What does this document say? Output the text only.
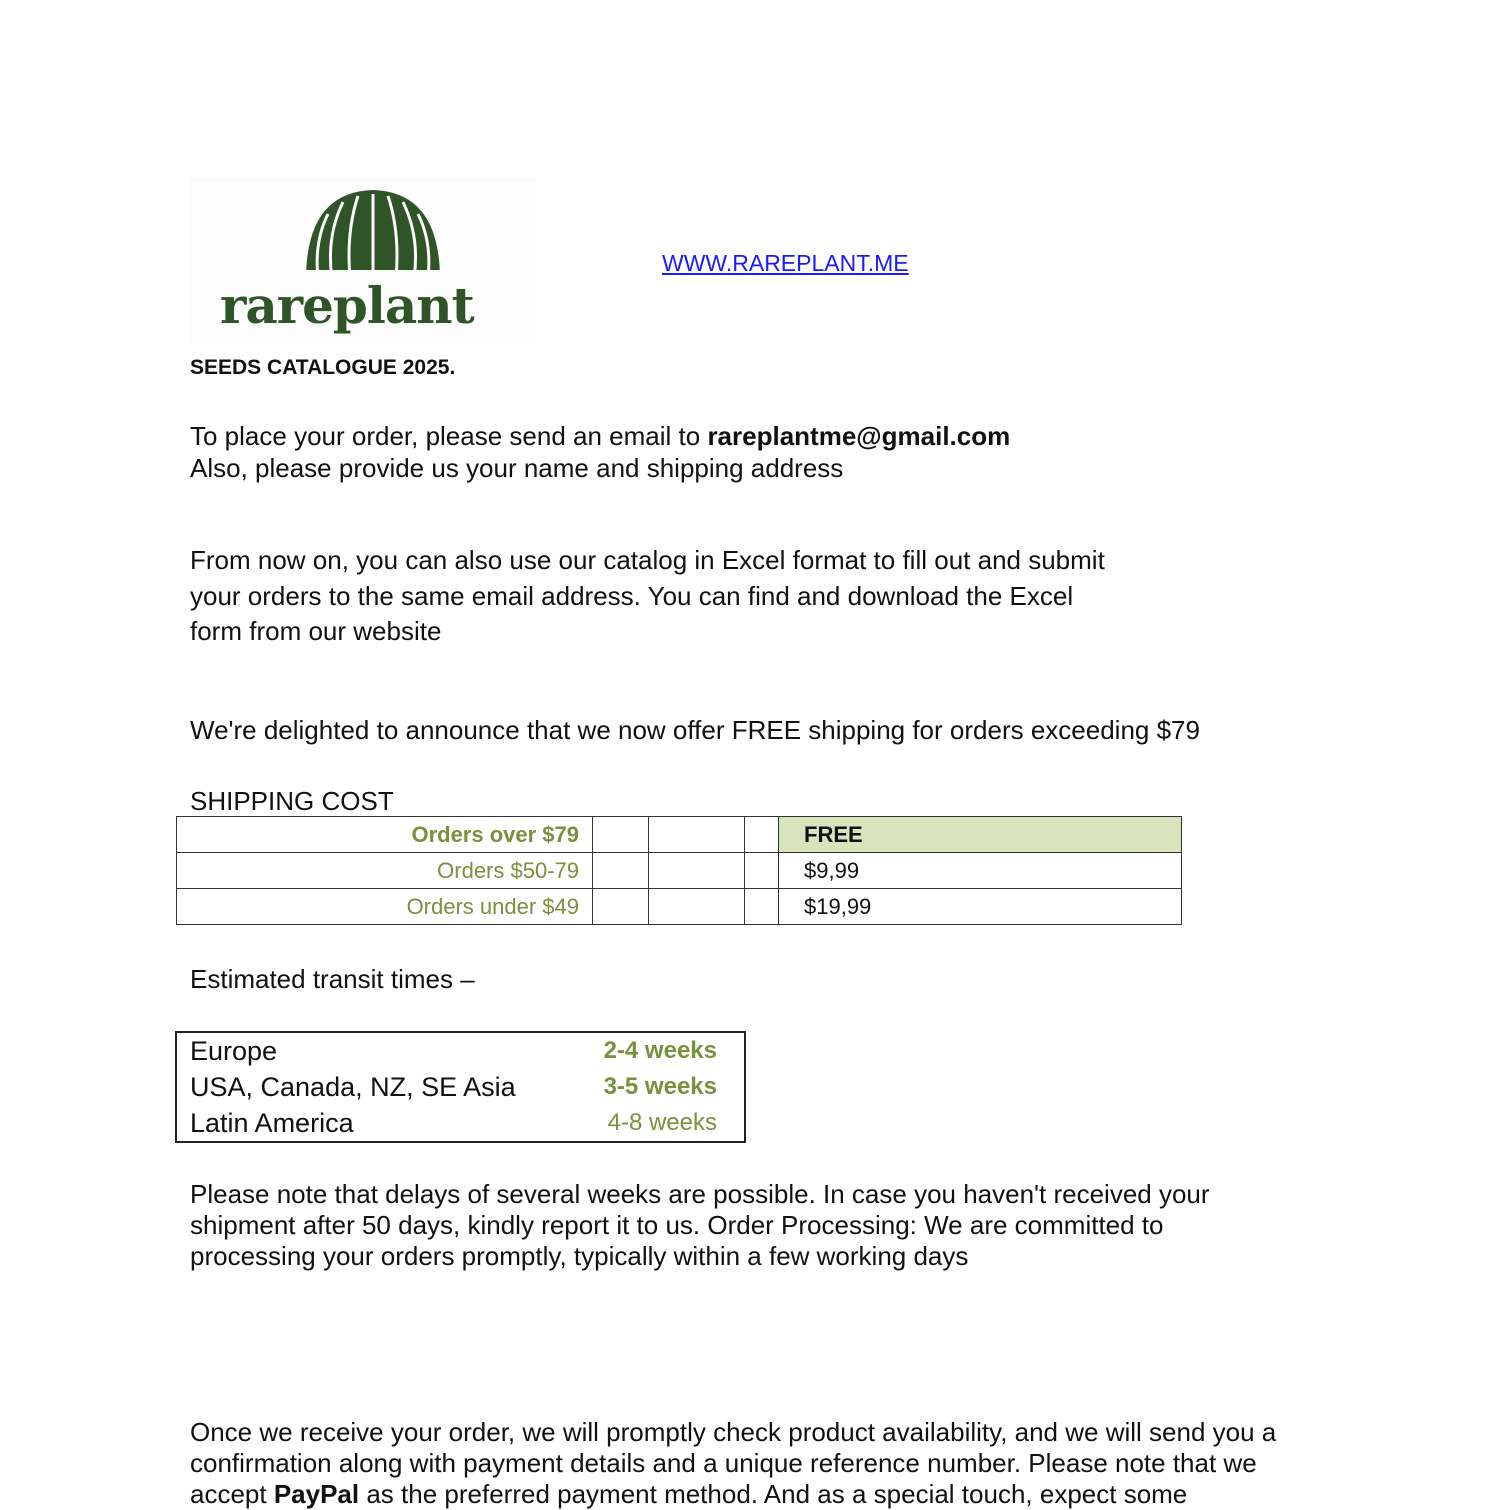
rareplant
WWW.RAREPLANT.ME
SEEDS CATALOGUE 2025.
To place your order, please send an email to rareplantme@gmail.com
Also, please provide us your name and shipping address
From now on, you can also use our catalog in Excel format to fill out and submit
your orders to the same email address. You can find and download the Excel
form from our website
We're delighted to announce that we now offer FREE shipping for orders exceeding $79
SHIPPING COST
Orders over $79				FREE
Orders $50-79				$9,99
Orders under $49				$19,99
Estimated transit times –
Europe	2-4 weeks
USA, Canada, NZ, SE Asia	3-5 weeks
Latin America	4-8 weeks
Please note that delays of several weeks are possible. In case you haven't received your
shipment after 50 days, kindly report it to us. Order Processing: We are committed to
processing your orders promptly, typically within a few working days
Once we receive your order, we will promptly check product availability, and we will send you a
confirmation along with payment details and a unique reference number. Please note that we
accept PayPal as the preferred payment method. And as a special touch, expect some
